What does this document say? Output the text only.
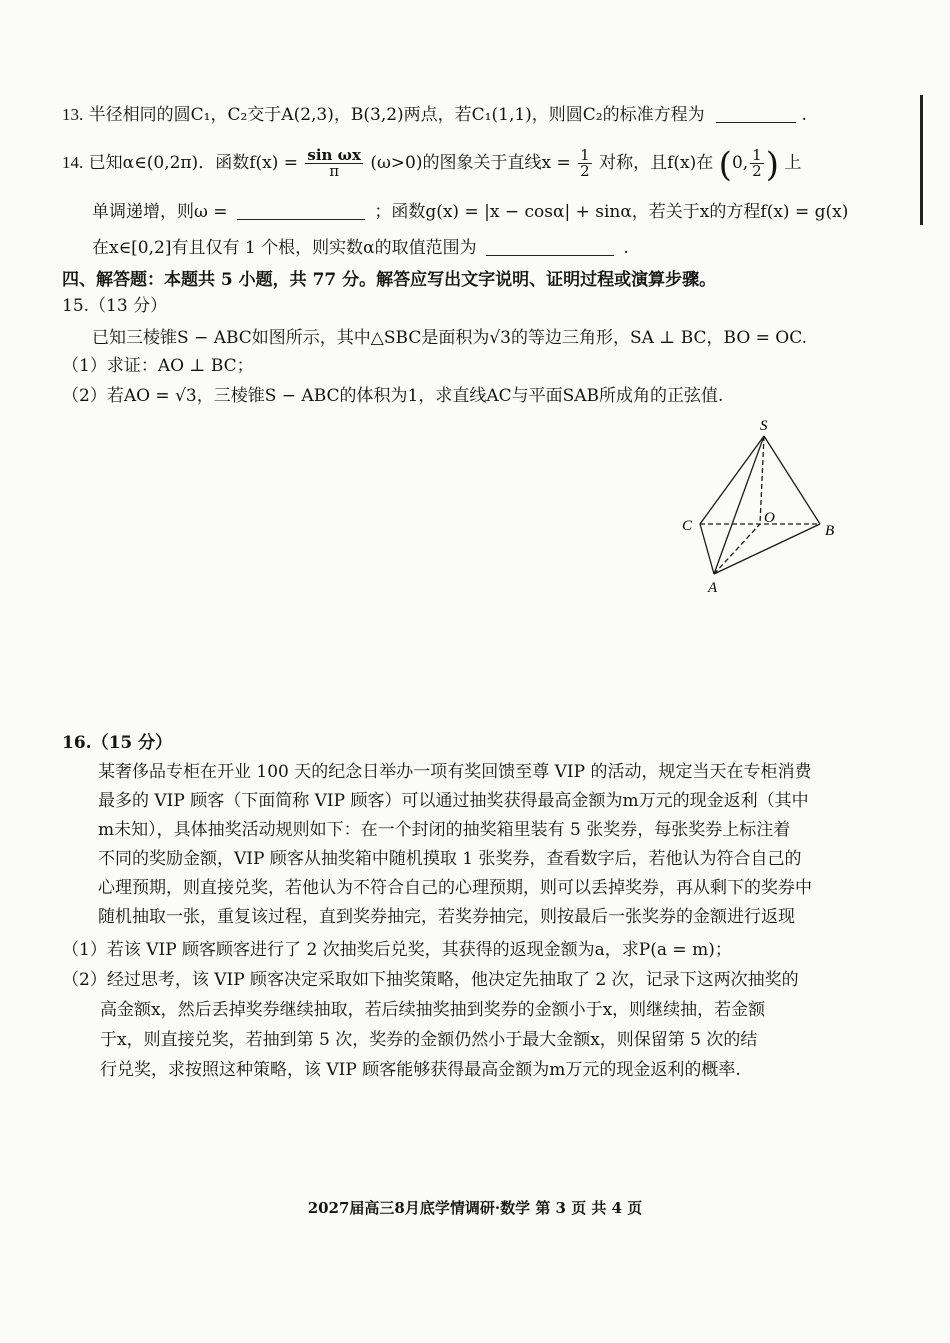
13. 半径相同的圆C₁，C₂交于A(2,3)，B(3,2)两点，若C₁(1,1)，则圆C₂的标准方程为	.
14. 已知α∈(0,2π)．函数$f(x) = \frac{\text{sin ωx}}{\pi} (\omega>0)$的图象关于直线$x = \frac{1}{2}$ 对称，且f(x)在 (0, $\frac{1}{2}$ ) 上
单调递增，则ω =	；函数g(x) = |x − cosα| + sinα，若关于x的方程f(x) = g(x)
在x∈[0,2]有且仅有 1 个根，则实数α的取值范围为	.
四、解答题：本题共 5 小题，共 77 分。解答应写出文字说明、证明过程或演算步骤。
15.（13 分）
已知三棱锥S − ABC如图所示，其中△SBC是面积为√3的等边三角形，SA ⊥ BC，BO = OC.
（1）求证：AO ⊥ BC；
（2）若AO = √3，三棱锥S − ABC的体积为1，求直线AC与平面SAB所成角的正弦值.
S
C	O
B
A
16.（15 分）
某奢侈品专柜在开业 100 天的纪念日举办一项有奖回馈至尊 VIP 的活动，规定当天在专柜消费
最多的 VIP 顾客（下面简称 VIP 顾客）可以通过抽奖获得最高金额为m万元的现金返利（其中
m未知），具体抽奖活动规则如下：在一个封闭的抽奖箱里装有 5 张奖券，每张奖券上标注着
不同的奖励金额，VIP 顾客从抽奖箱中随机摸取 1 张奖券，查看数字后，若他认为符合自己的
心理预期，则直接兑奖，若他认为不符合自己的心理预期，则可以丢掉奖券，再从剩下的奖券中
随机抽取一张，重复该过程，直到奖券抽完，若奖券抽完，则按最后一张奖券的金额进行返现
（1）若该 VIP 顾客顾客进行了 2 次抽奖后兑奖，其获得的返现金额为a，求P(a = m)；
（2）经过思考，该 VIP 顾客决定采取如下抽奖策略，他决定先抽取了 2 次，记录下这两次抽奖的
高金额x，然后丢掉奖券继续抽取，若后续抽奖抽到奖券的金额小于x，则继续抽，若金额
于x，则直接兑奖，若抽到第 5 次，奖券的金额仍然小于最大金额x，则保留第 5 次的结
行兑奖，求按照这种策略，该 VIP 顾客能够获得最高金额为m万元的现金返利的概率.
2027届高三8月底学情调研·数学 第 3 页 共 4 页
